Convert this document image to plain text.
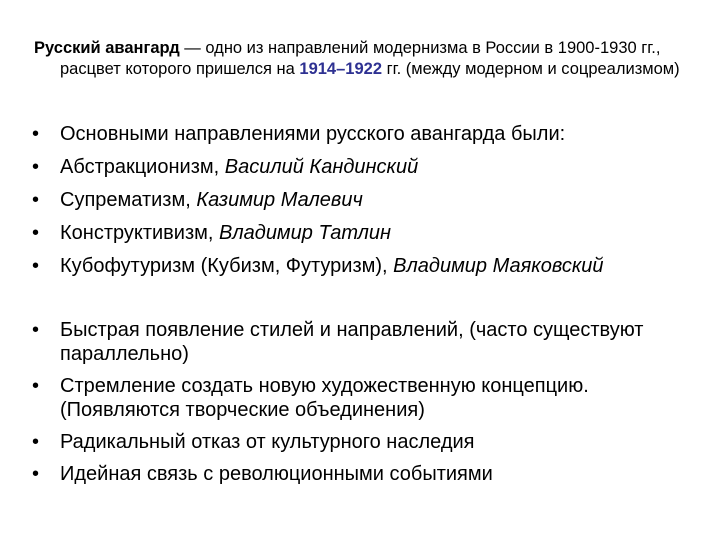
Русский авангард — одно из направлений модернизма в России в 1900-1930 гг., расцвет которого пришелся на 1914–1922 гг. (между модерном и соцреализмом)

• Основными направлениями русского авангарда были:
• Абстракционизм, Василий Кандинский
• Супрематизм, Казимир Малевич
• Конструктивизм, Владимир Татлин
• Кубофутуризм (Кубизм, Футуризм), Владимир Маяковский
• Быстрая появление стилей и направлений, (часто существуют параллельно)
• Стремление создать новую художественную концепцию. (Появляются творческие объединения)
• Радикальный отказ от культурного наследия
• Идейная связь с революционными событиями
